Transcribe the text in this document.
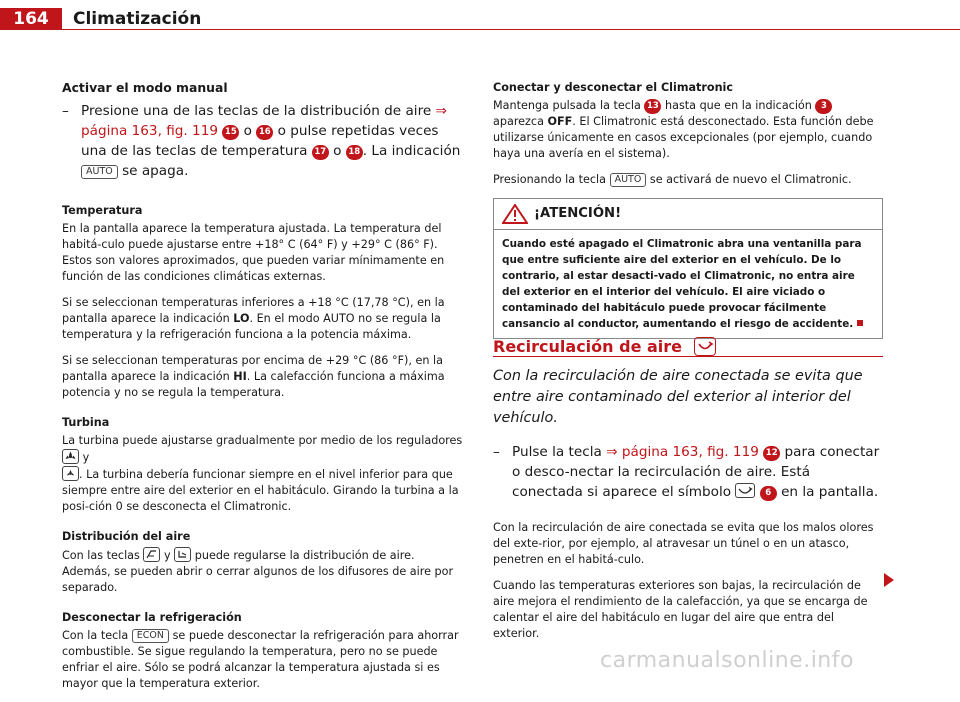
164	Climatización
Activar el modo manual
– Presione una de las teclas de la distribución de aire ⇒ página 163, fig. 119 15 o 16 o pulse repetidas veces una de las teclas de temperatura 17 o 18 . La indicación AUTO se apaga.
Temperatura

En la pantalla aparece la temperatura ajustada. La temperatura del habitá-culo puede ajustarse entre +18° C (64° F) y +29° C (86° F). Estos son valores aproximados, que pueden variar mínimamente en función de las condiciones climáticas externas.

Si se seleccionan temperaturas inferiores a +18 °C (17,78 °C), en la pantalla aparece la indicación LO. En el modo AUTO no se regula la temperatura y la refrigeración funciona a la potencia máxima.

Si se seleccionan temperaturas por encima de +29 °C (86 °F), en la pantalla aparece la indicación HI. La calefacción funciona a máxima potencia y no se regula la temperatura.

Turbina

La turbina puede ajustarse gradualmente por medio de los reguladores  y
. La turbina debería funcionar siempre en el nivel inferior para que siempre entre aire del exterior en el habitáculo. Girando la turbina a la posi-ción 0 se desconecta el Climatronic.

Distribución del aire

Con las teclas y puede regularse la distribución de aire. Además, se pueden abrir o cerrar algunos de los difusores de aire por separado.

Desconectar la refrigeración

Con la tecla ECON se puede desconectar la refrigeración para ahorrar combustible. Se sigue regulando la temperatura, pero no se puede enfriar el aire. Sólo se podrá alcanzar la temperatura ajustada si es mayor que la temperatura exterior.

Conectar y desconectar el Climatronic

Mantenga pulsada la tecla 13 hasta que en la indicación 3 aparezca OFF. El Climatronic está desconectado. Esta función debe utilizarse únicamente en casos excepcionales (por ejemplo, cuando haya una avería en el sistema).

Presionando la tecla AUTO se activará de nuevo el Climatronic.

¡ATENCIÓN!
Cuando esté apagado el Climatronic abra una ventanilla para que entre suficiente aire del exterior en el vehículo. De lo contrario, al estar desacti-vado el Climatronic, no entra aire del exterior en el interior del vehículo. El aire viciado o contaminado del habitáculo puede provocar fácilmente cansancio al conductor, aumentando el riesgo de accidente.
Recirculación de aire

Con la recirculación de aire conectada se evita que entre aire contaminado del exterior al interior del vehículo.

– Pulse la tecla ⇒ página 163, fig. 119 12 para conectar o desco-nectar la recirculación de aire. Está conectada si aparece el símbolo	6 en la pantalla.

Con la recirculación de aire conectada se evita que los malos olores del exte-rior, por ejemplo, al atravesar un túnel o en un atasco, penetren en el habitá-culo.

Cuando las temperaturas exteriores son bajas, la recirculación de aire mejora el rendimiento de la calefacción, ya que se encarga de calentar el aire del habitáculo en lugar del aire que entra del exterior.

carmanualsonline.info
